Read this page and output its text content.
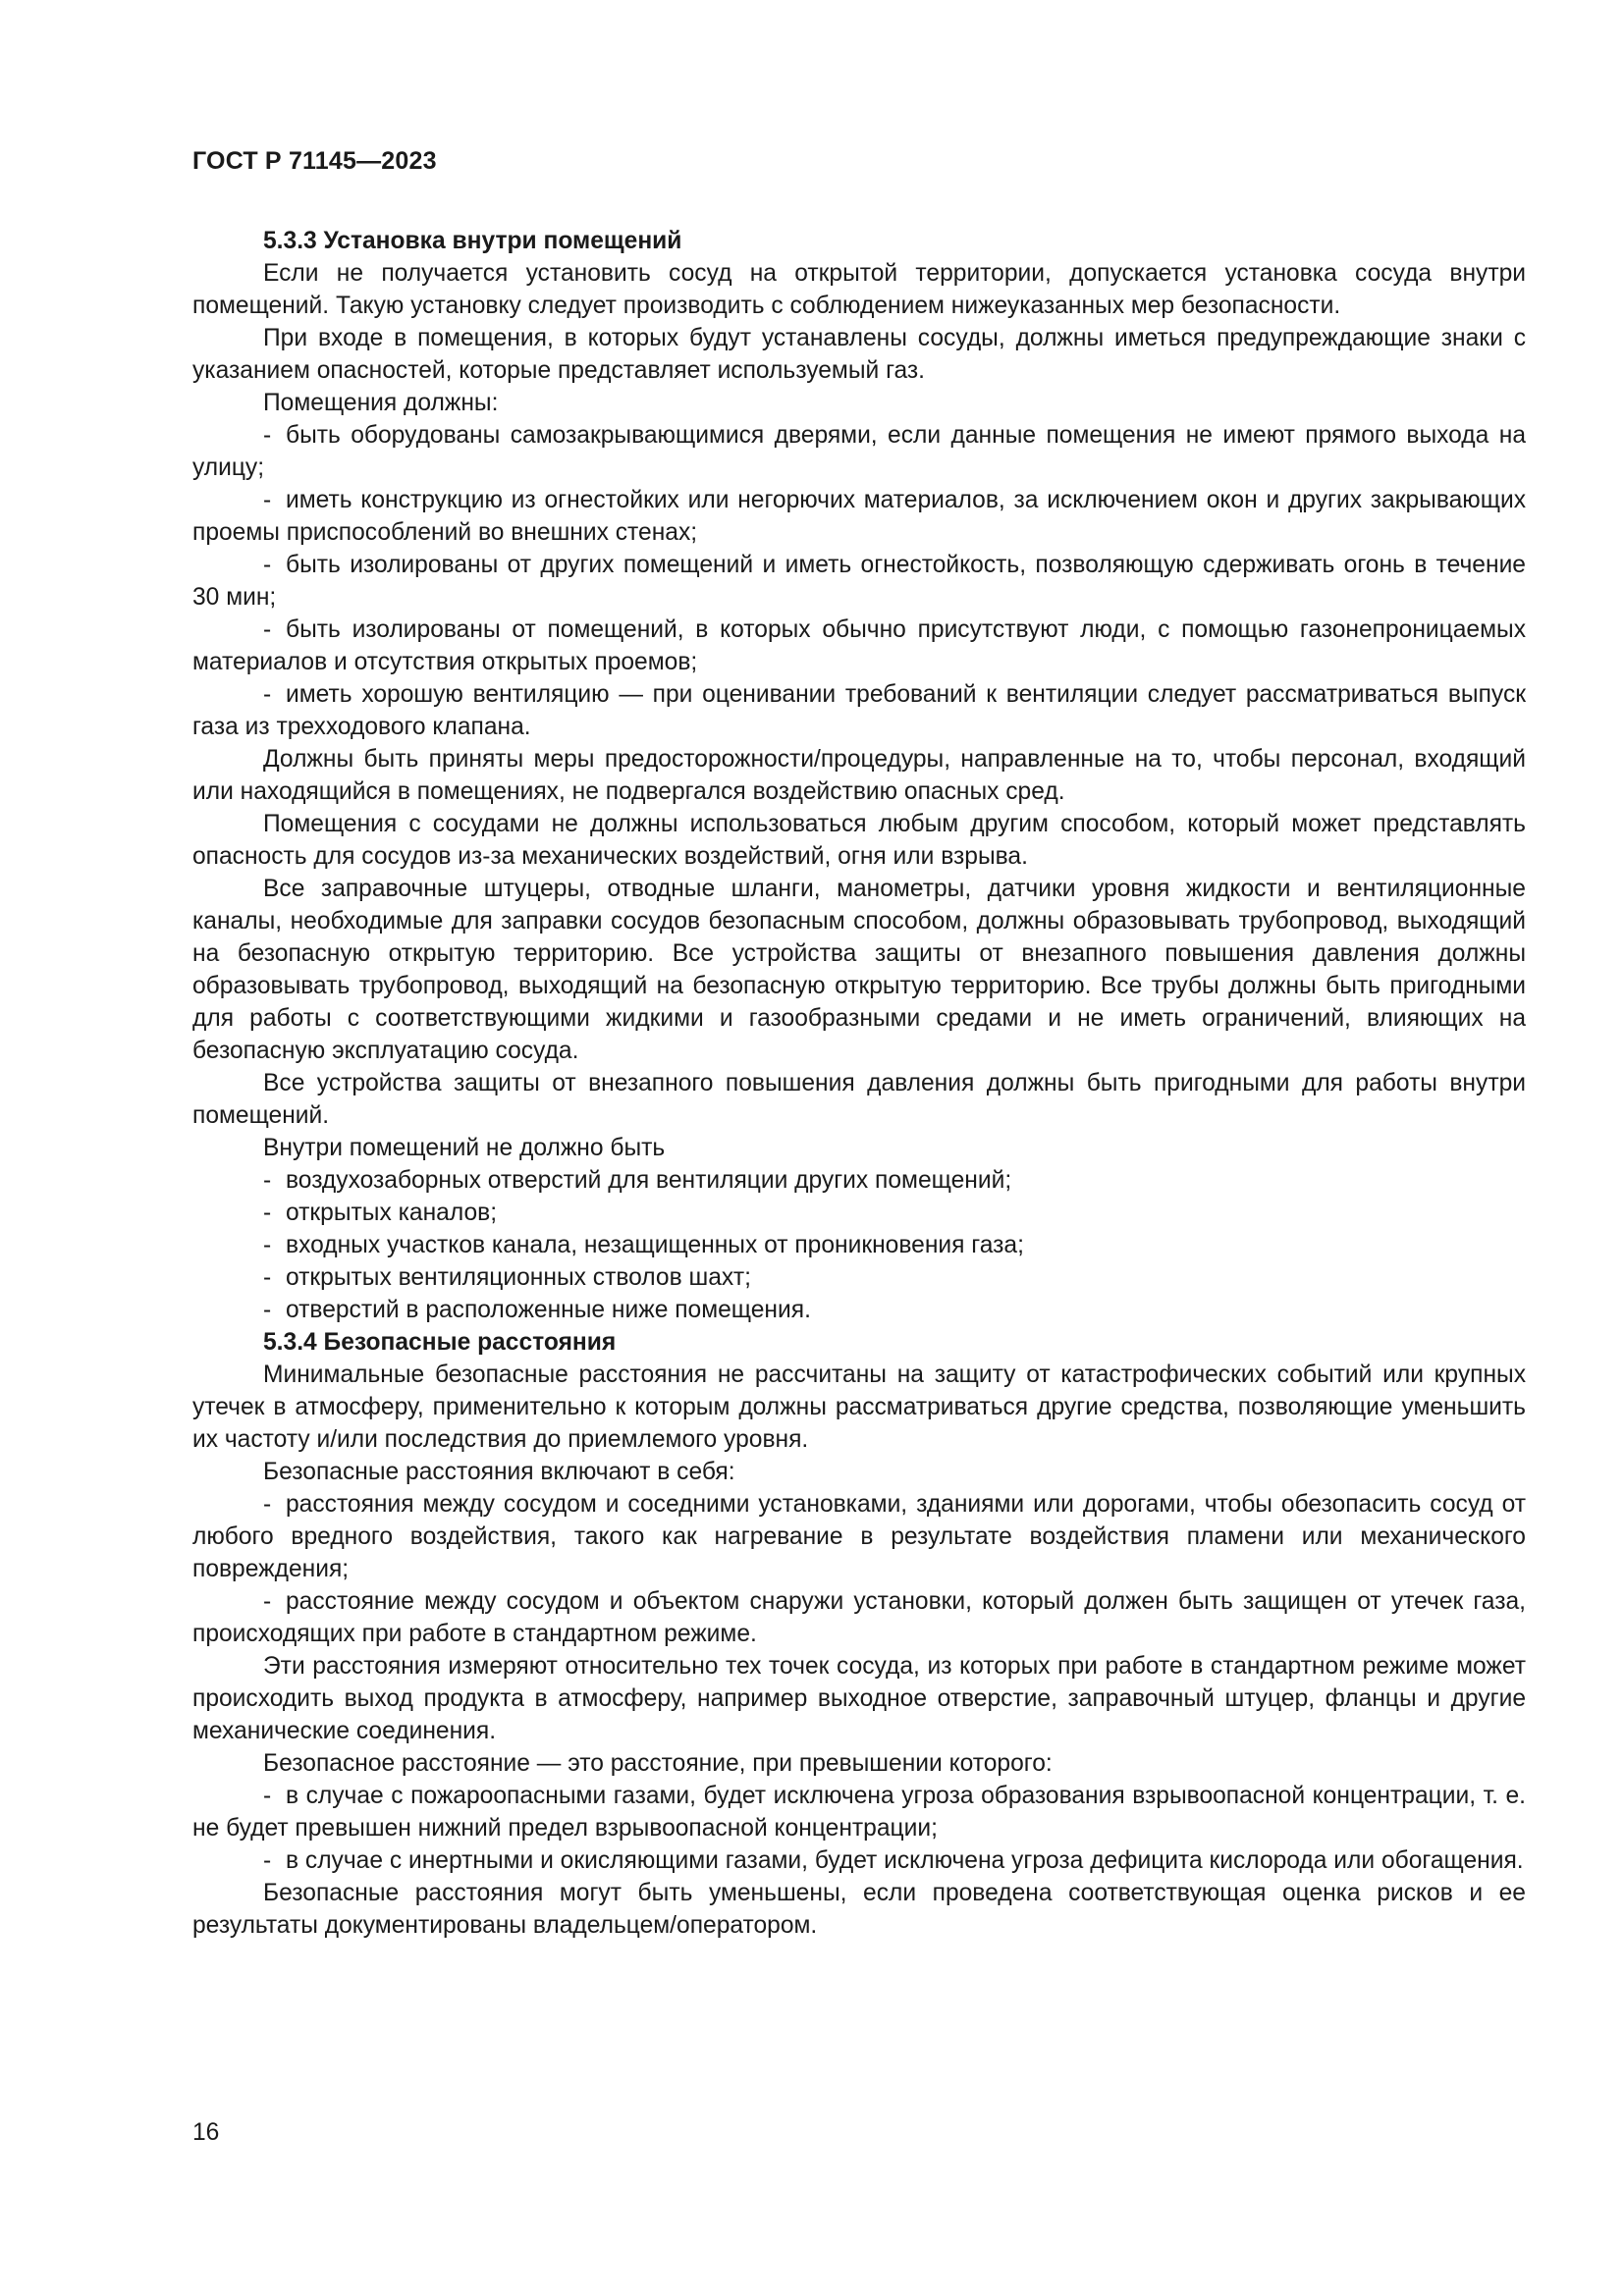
ГОСТ Р 71145—2023

5.3.3 Установка внутри помещений

Если не получается установить сосуд на открытой территории, допускается установка сосуда внутри помещений. Такую установку следует производить с соблюдением нижеуказанных мер безопасности.

При входе в помещения, в которых будут устанавлены сосуды, должны иметься предупреждающие знаки с указанием опасностей, которые представляет используемый газ.

Помещения должны:

- быть оборудованы самозакрывающимися дверями, если данные помещения не имеют прямого выхода на улицу;

- иметь конструкцию из огнестойких или негорючих материалов, за исключением окон и других закрывающих проемы приспособлений во внешних стенах;

- быть изолированы от других помещений и иметь огнестойкость, позволяющую сдерживать огонь в течение 30 мин;

- быть изолированы от помещений, в которых обычно присутствуют люди, с помощью газонепроницаемых материалов и отсутствия открытых проемов;

- иметь хорошую вентиляцию — при оценивании требований к вентиляции следует рассматриваться выпуск газа из трехходового клапана.

Должны быть приняты меры предосторожности/процедуры, направленные на то, чтобы персонал, входящий или находящийся в помещениях, не подвергался воздействию опасных сред.

Помещения с сосудами не должны использоваться любым другим способом, который может представлять опасность для сосудов из-за механических воздействий, огня или взрыва.

Все заправочные штуцеры, отводные шланги, манометры, датчики уровня жидкости и вентиляционные каналы, необходимые для заправки сосудов безопасным способом, должны образовывать трубопровод, выходящий на безопасную открытую территорию. Все устройства защиты от внезапного повышения давления должны образовывать трубопровод, выходящий на безопасную открытую территорию. Все трубы должны быть пригодными для работы с соответствующими жидкими и газообразными средами и не иметь ограничений, влияющих на безопасную эксплуатацию сосуда.

Все устройства защиты от внезапного повышения давления должны быть пригодными для работы внутри помещений.

Внутри помещений не должно быть

- воздухозаборных отверстий для вентиляции других помещений;

- открытых каналов;

- входных участков канала, незащищенных от проникновения газа;

- открытых вентиляционных стволов шахт;

- отверстий в расположенные ниже помещения.

5.3.4 Безопасные расстояния

Минимальные безопасные расстояния не рассчитаны на защиту от катастрофических событий или крупных утечек в атмосферу, применительно к которым должны рассматриваться другие средства, позволяющие уменьшить их частоту и/или последствия до приемлемого уровня.

Безопасные расстояния включают в себя:

- расстояния между сосудом и соседними установками, зданиями или дорогами, чтобы обезопасить сосуд от любого вредного воздействия, такого как нагревание в результате воздействия пламени или механического повреждения;

- расстояние между сосудом и объектом снаружи установки, который должен быть защищен от утечек газа, происходящих при работе в стандартном режиме.

Эти расстояния измеряют относительно тех точек сосуда, из которых при работе в стандартном режиме может происходить выход продукта в атмосферу, например выходное отверстие, заправочный штуцер, фланцы и другие механические соединения.

Безопасное расстояние — это расстояние, при превышении которого:

- в случае с пожароопасными газами, будет исключена угроза образования взрывоопасной концентрации, т. е. не будет превышен нижний предел взрывоопасной концентрации;

- в случае с инертными и окисляющими газами, будет исключена угроза дефицита кислорода или обогащения.

Безопасные расстояния могут быть уменьшены, если проведена соответствующая оценка рисков и ее результаты документированы владельцем/оператором.

16
